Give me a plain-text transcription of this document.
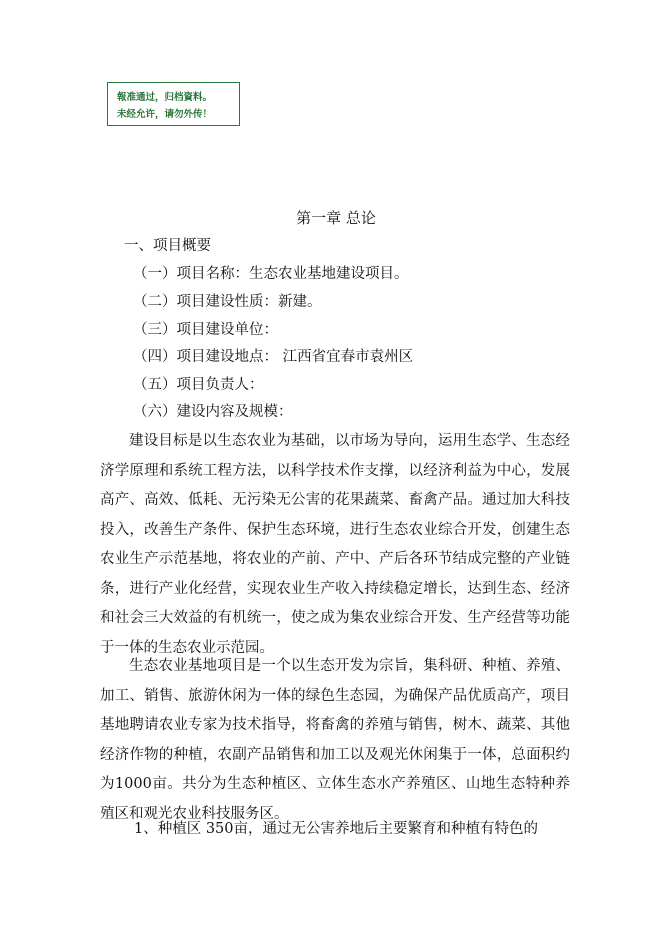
報准通过，归档資料。
未经允许，请勿外传！
第一章 总论
一、项目概要
（一）项目名称：生态农业基地建设项目。
（二）项目建设性质：新建。
（三）项目建设单位：
（四）项目建设地点： 江西省宜春市袁州区
（五）项目负责人：
（六）建设内容及规模：
建设目标是以生态农业为基础，以市场为导向，运用生态学、生态经济学原理和系统工程方法，以科学技术作支撑，以经济利益为中心，发展高产、高效、低耗、无污染无公害的花果蔬菜、畜禽产品。通过加大科技投入，改善生产条件、保护生态环境，进行生态农业综合开发，创建生态农业生产示范基地，将农业的产前、产中、产后各环节结成完整的产业链条，进行产业化经营，实现农业生产收入持续稳定增长，达到生态、经济和社会三大效益的有机统一，使之成为集农业综合开发、生产经营等功能于一体的生态农业示范园。
生态农业基地项目是一个以生态开发为宗旨，集科研、种植、养殖、加工、销售、旅游休闲为一体的绿色生态园，为确保产品优质高产，项目基地聘请农业专家为技术指导，将畜禽的养殖与销售，树木、蔬菜、其他经济作物的种植，农副产品销售和加工以及观光休闲集于一体，总面积约为1000亩。共分为生态种植区、立体生态水产养殖区、山地生态特种养殖区和观光农业科技服务区。
1、种植区 350亩，通过无公害养地后主要繁育和种植有特色的
